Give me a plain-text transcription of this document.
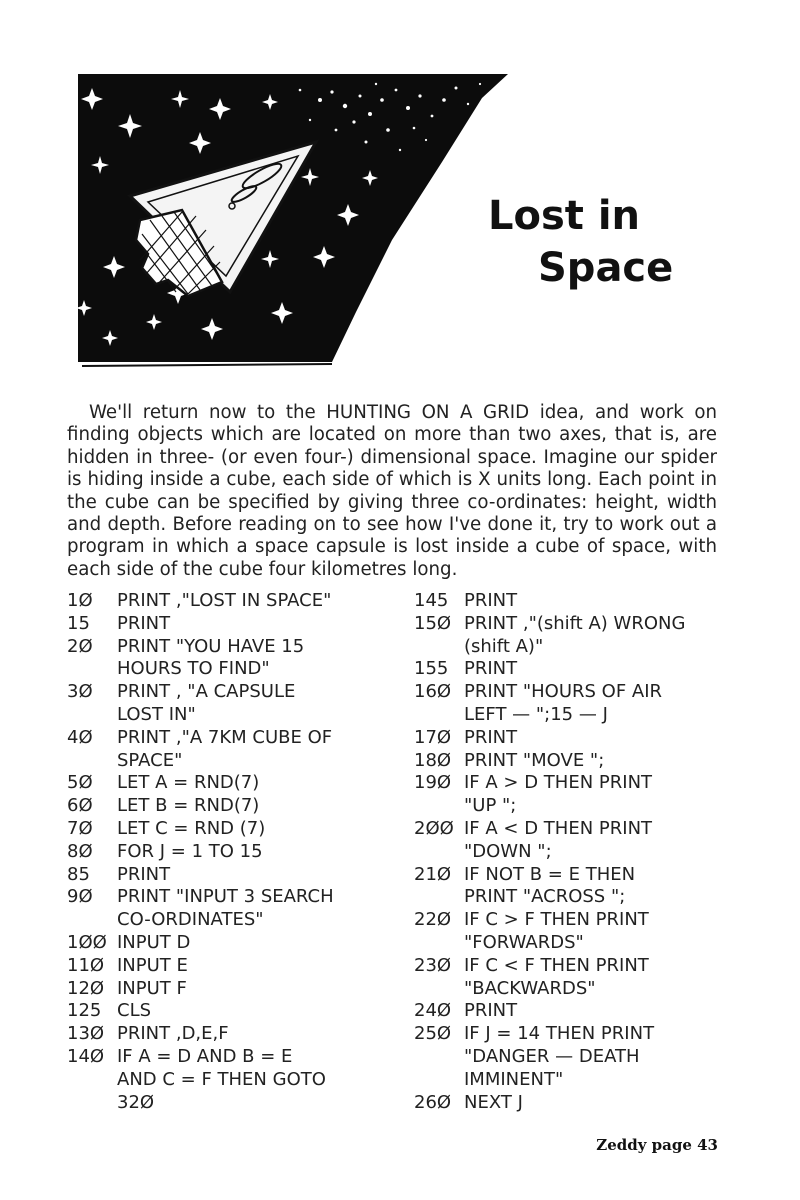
Lost in
Space

We'll return now to the HUNTING ON A GRID idea, and work on finding objects which are located on more than two axes, that is, are hidden in three- (or even four-) dimensional space. Imagine our spider is hiding inside a cube, each side of which is X units long. Each point in the cube can be specified by giving three co-ordinates: height, width and depth. Before reading on to see how I've done it, try to work out a program in which a space capsule is lost inside a cube of space, with each side of the cube four kilometres long.

1Ø	PRINT ,"LOST IN SPACE"
15	PRINT
2Ø	PRINT "YOU HAVE 15
HOURS TO FIND"
3Ø	PRINT , "A CAPSULE
LOST IN"
4Ø	PRINT ,"A 7KM CUBE OF
SPACE"
5Ø	LET A = RND(7)
6Ø	LET B = RND(7)
7Ø	LET C = RND (7)
8Ø	FOR J = 1 TO 15
85	PRINT
9Ø	PRINT "INPUT 3 SEARCH
CO-ORDINATES"
1ØØ INPUT D
11Ø INPUT E
12Ø INPUT F
125 CLS
13Ø PRINT ,D,E,F
14Ø IF A = D AND B = E
AND C = F THEN GOTO
32Ø
145 PRINT
15Ø PRINT ,"(shift A) WRONG
(shift A)"
155 PRINT
16Ø PRINT "HOURS OF AIR
LEFT — ";15 — J
17Ø PRINT
18Ø PRINT "MOVE ";
19Ø IF A > D THEN PRINT
"UP ";
2ØØ IF A < D THEN PRINT
"DOWN ";
21Ø IF NOT B = E THEN
PRINT "ACROSS ";
22Ø IF C > F THEN PRINT
"FORWARDS"
23Ø IF C < F THEN PRINT
"BACKWARDS"
24Ø PRINT
25Ø IF J = 14 THEN PRINT
"DANGER — DEATH
IMMINENT"
26Ø NEXT J
Zeddy page 43
